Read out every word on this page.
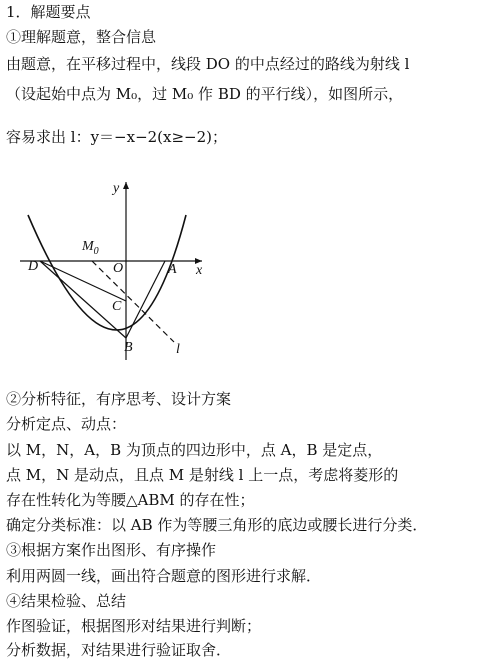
1．解题要点
①理解题意，整合信息
由题意，在平移过程中，线段 DO 的中点经过的路线为射线 l
（设起始中点为 M₀，过 M₀ 作 BD 的平行线），如图所示，
容易求出 l：y＝−x−2(x≥−2)；
y
x
$M_0$
D	O	A
C
B	l
②分析特征，有序思考、设计方案
分析定点、动点：
以 M，N，A，B 为顶点的四边形中，点 A，B 是定点，
点 M，N 是动点，且点 M 是射线 l 上一点，考虑将菱形的
存在性转化为等腰△ABM 的存在性；
确定分类标准：以 AB 作为等腰三角形的底边或腰长进行分类．
③根据方案作出图形、有序操作
利用两圆一线，画出符合题意的图形进行求解．
④结果检验、总结
作图验证，根据图形对结果进行判断；
分析数据，对结果进行验证取舍．
